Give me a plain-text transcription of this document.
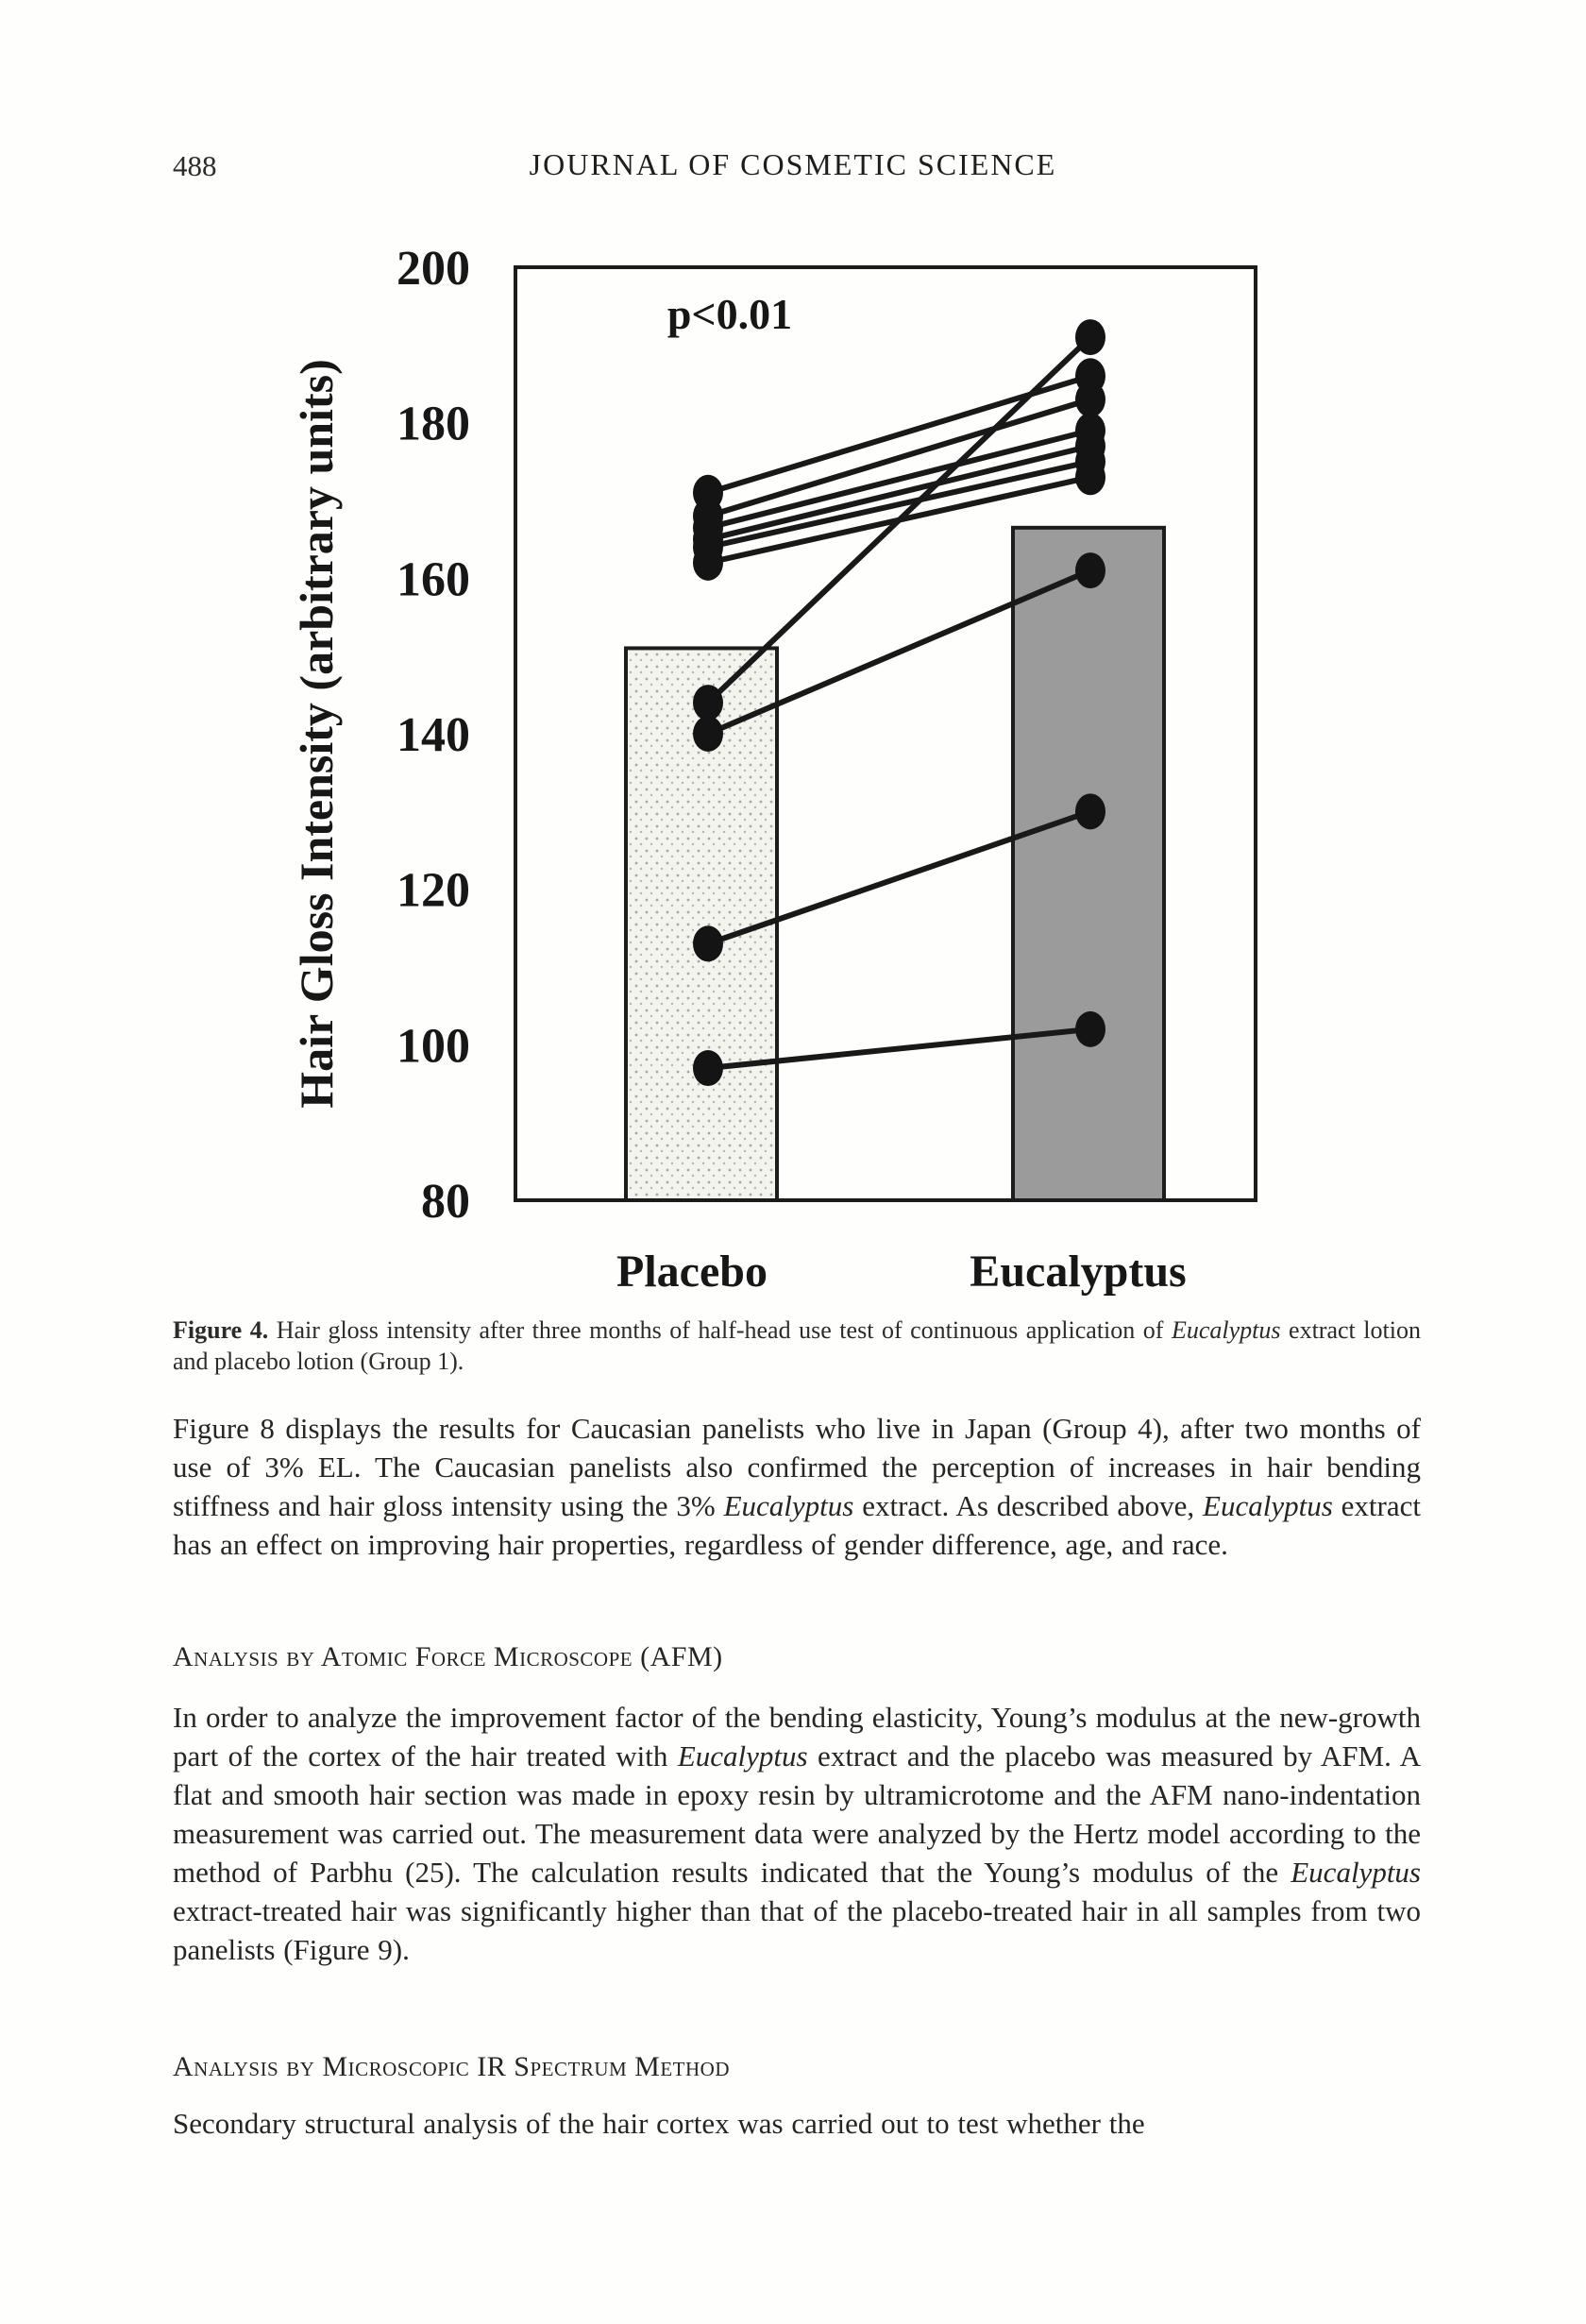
488	JOURNAL OF COSMETIC SCIENCE
200
180
160
140
120
100
80
Hair Gloss Intensity (arbitrary units)
p<0.01
Placebo	Eucalyptus

Figure 4. Hair gloss intensity after three months of half-head use test of continuous application of Eucalyptus extract lotion and placebo lotion (Group 1).

Figure 8 displays the results for Caucasian panelists who live in Japan (Group 4), after two months of use of 3% EL. The Caucasian panelists also confirmed the perception of increases in hair bending stiffness and hair gloss intensity using the 3% Eucalyptus extract. As described above, Eucalyptus extract has an effect on improving hair properties, regardless of gender difference, age, and race.

Analysis by Atomic Force Microscope (AFM)

In order to analyze the improvement factor of the bending elasticity, Young’s modulus at the new-growth part of the cortex of the hair treated with Eucalyptus extract and the placebo was measured by AFM. A flat and smooth hair section was made in epoxy resin by ultramicrotome and the AFM nano-indentation measurement was carried out. The measurement data were analyzed by the Hertz model according to the method of Parbhu (25). The calculation results indicated that the Young’s modulus of the Eucalyptus extract-treated hair was significantly higher than that of the placebo-treated hair in all samples from two panelists (Figure 9).

Analysis by Microscopic IR Spectrum Method

Secondary structural analysis of the hair cortex was carried out to test whether the
